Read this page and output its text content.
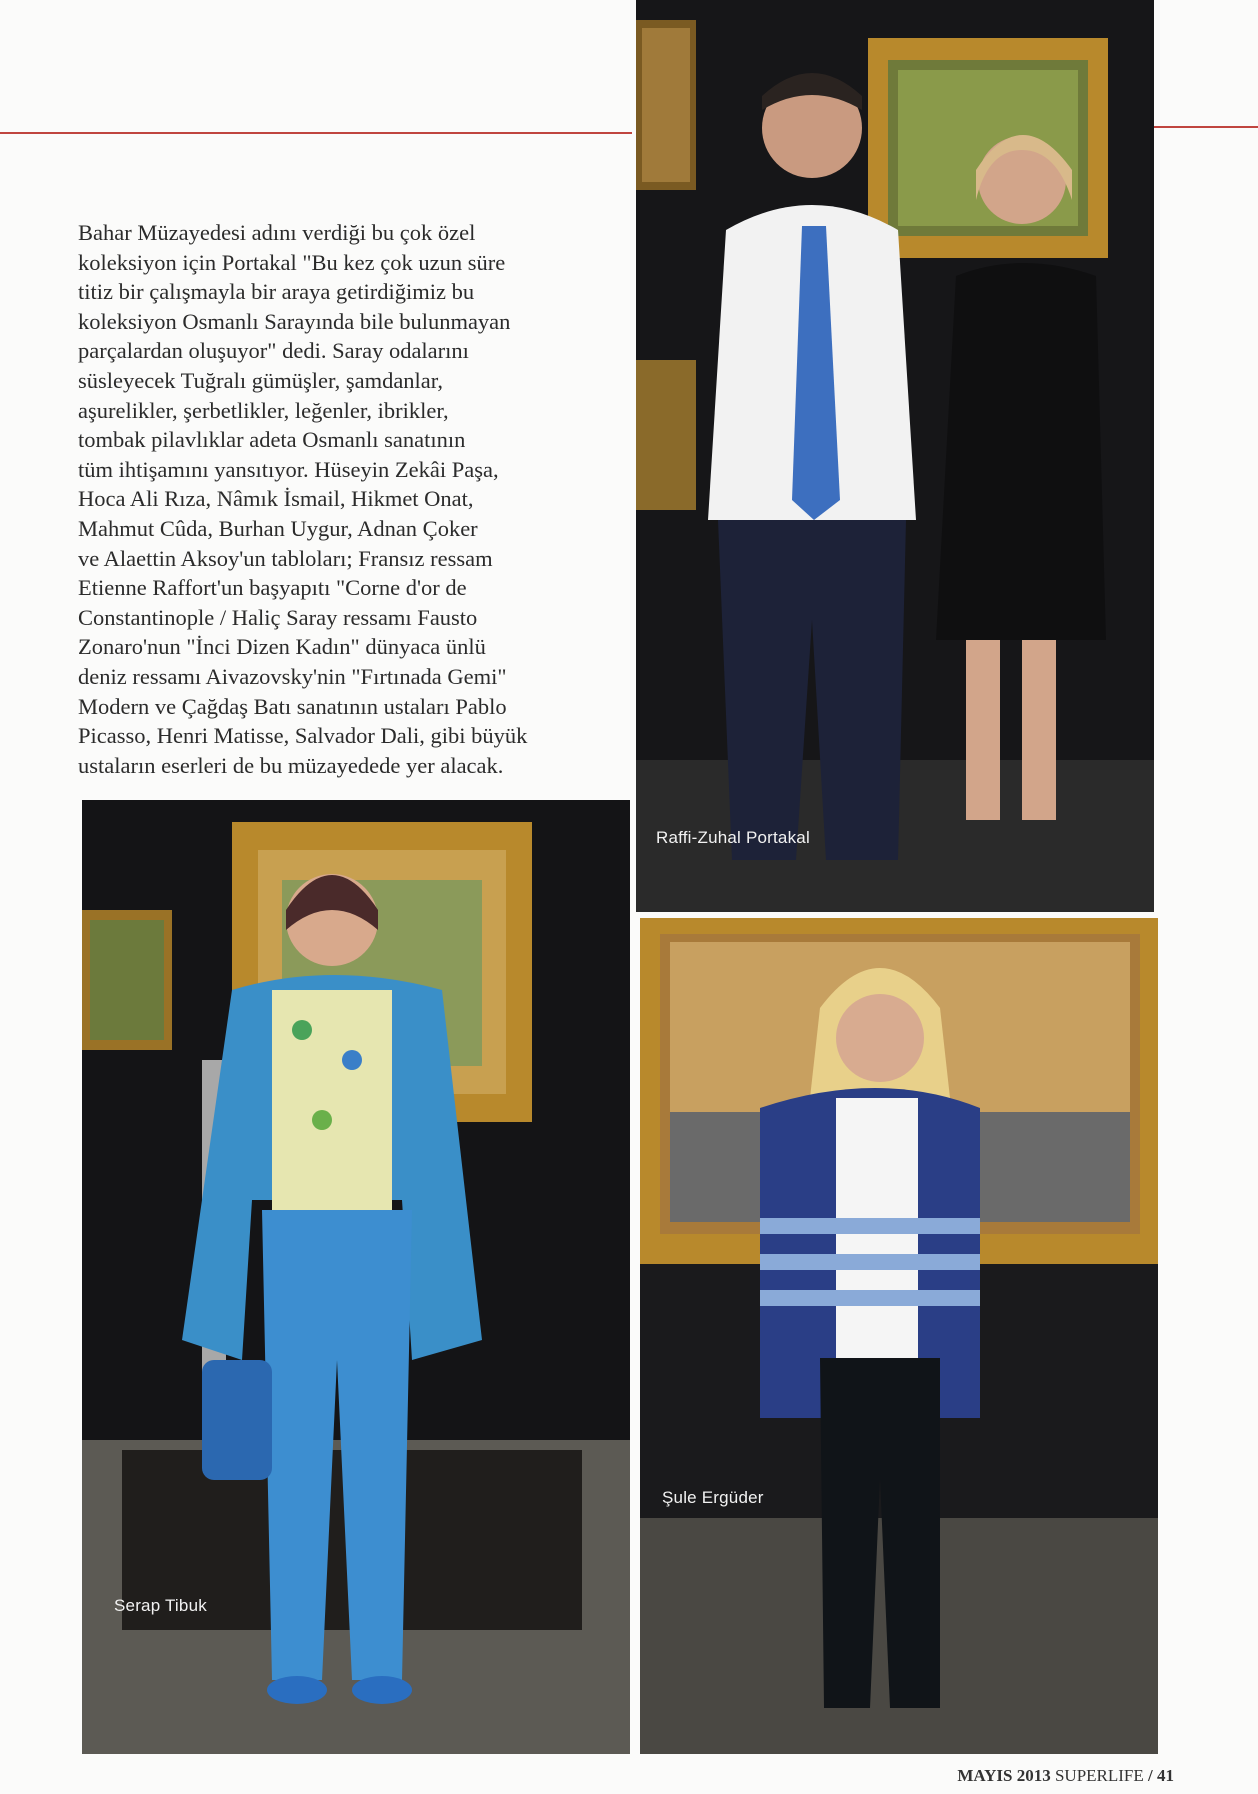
Bahar Müzayedesi adını verdiği bu çok özel
koleksiyon için Portakal "Bu kez çok uzun süre
titiz bir çalışmayla bir araya getirdiğimiz bu
koleksiyon Osmanlı Sarayında bile bulunmayan
parçalardan oluşuyor" dedi. Saray odalarını
süsleyecek Tuğralı gümüşler, şamdanlar,
aşurelikler, şerbetlikler, leğenler, ibrikler,
tombak pilavlıklar adeta Osmanlı sanatının
tüm ihtişamını yansıtıyor. Hüseyin Zekâi Paşa,
Hoca Ali Rıza, Nâmık İsmail, Hikmet Onat,
Mahmut Cûda, Burhan Uygur, Adnan Çoker
ve Alaettin Aksoy'un tabloları; Fransız ressam
Etienne Raffort'un başyapıtı "Corne d'or de
Constantinople / Haliç Saray ressamı Fausto
Zonaro'nun "İnci Dizen Kadın" dünyaca ünlü
deniz ressamı Aivazovsky'nin "Fırtınada Gemi"
Modern ve Çağdaş Batı sanatının ustaları Pablo
Picasso, Henri Matisse, Salvador Dali, gibi büyük
ustaların eserleri de bu müzayedede yer alacak.
Raffi-Zuhal Portakal
Serap Tibuk
Şule Ergüder
MAYIS 2013 SUPERLIFE / 41
